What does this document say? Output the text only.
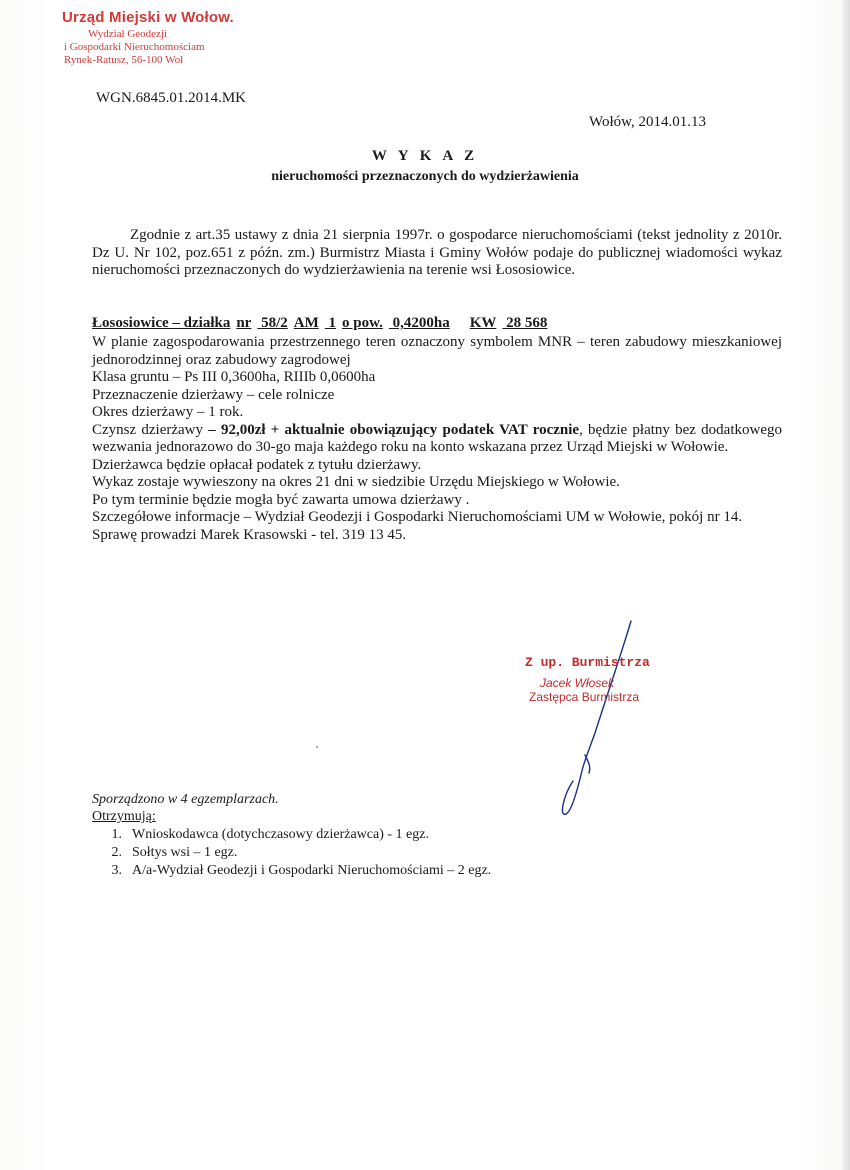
Urząd Miejski w Wołow.
Wydział Geodezji
i Gospodarki Nieruchomościam
Rynek-Ratusz, 56-100 Woł
WGN.6845.01.2014.MK
Wołów, 2014.01.13
W Y K A Z
nieruchomości przeznaczonych do wydzierżawienia
Zgodnie z art.35 ustawy z dnia 21 sierpnia 1997r. o gospodarce nieruchomościami (tekst jednolity z 2010r. Dz U. Nr 102, poz.651 z późn. zm.) Burmistrz Miasta i Gminy Wołów podaje do publicznej wiadomości wykaz nieruchomości przeznaczonych do wydzierżawienia na terenie wsi Łososiowice.
Łososiowice – działka nr 58/2 AM 1 o pow. 0,4200ha KW 28 568

W planie zagospodarowania przestrzennego teren oznaczony symbolem MNR – teren zabudowy mieszkaniowej jednorodzinnej oraz zabudowy zagrodowej

Klasa gruntu – Ps III 0,3600ha, RIIIb 0,0600ha

Przeznaczenie dzierżawy – cele rolnicze

Okres dzierżawy – 1 rok.

Czynsz dzierżawy – 92,00zł + aktualnie obowiązujący podatek VAT rocznie, będzie płatny bez dodatkowego wezwania jednorazowo do 30-go maja każdego roku na konto wskazana przez Urząd Miejski w Wołowie.

Dzierżawca będzie opłacał podatek z tytułu dzierżawy.

Wykaz zostaje wywieszony na okres 21 dni w siedzibie Urzędu Miejskiego w Wołowie.

Po tym terminie będzie mogła być zawarta umowa dzierżawy .

Szczegółowe informacje – Wydział Geodezji i Gospodarki Nieruchomościami UM w Wołowie, pokój nr 14. Sprawę prowadzi Marek Krasowski - tel. 319 13 45.

Z up. Burmistrza
Jacek Włosek
Zastępca Burmistrza
Sporządzono w 4 egzemplarzach.
Otrzymują:
1. Wnioskodawca (dotychczasowy dzierżawca) - 1 egz.
2. Sołtys wsi – 1 egz.
3. A/a-Wydział Geodezji i Gospodarki Nieruchomościami – 2 egz.
